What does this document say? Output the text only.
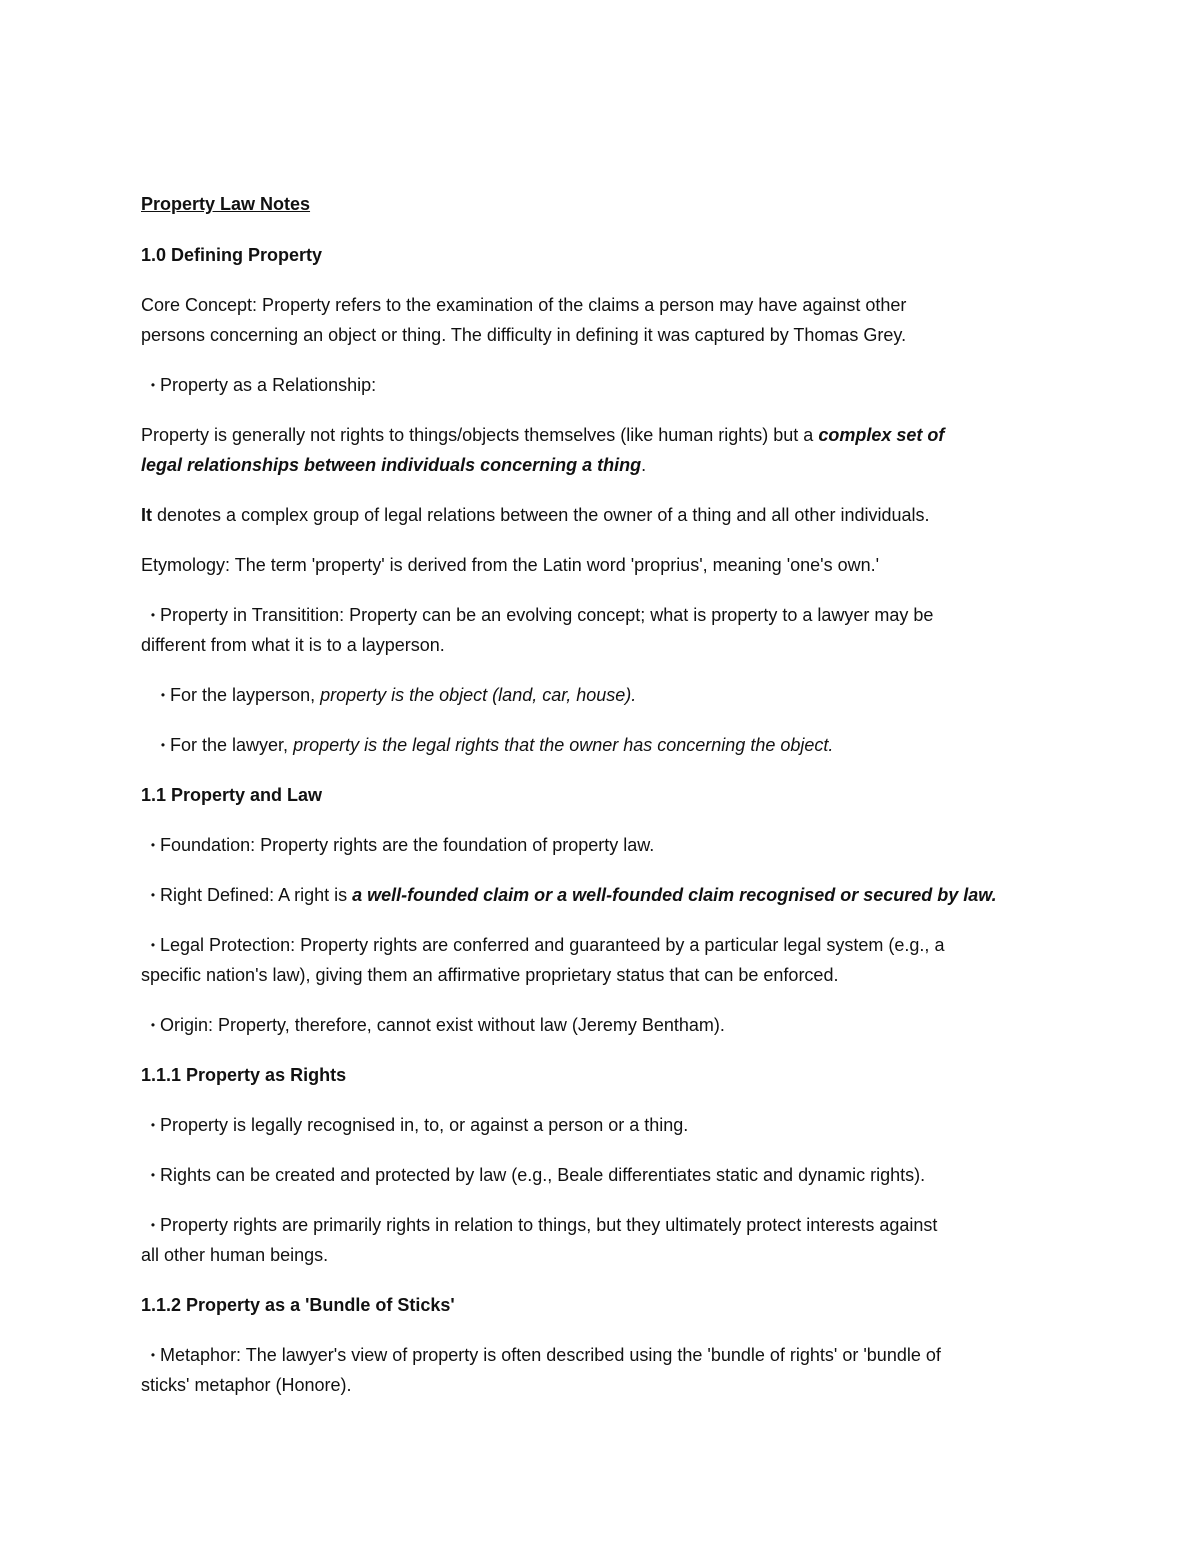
Property Law Notes

1.0 Defining Property

Core Concept: Property refers to the examination of the claims a person may have against other

persons concerning an object or thing. The difficulty in defining it was captured by Thomas Grey.

• Property as a Relationship:

Property is generally not rights to things/objects themselves (like human rights) but a complex set of

legal relationships between individuals concerning a thing.

It denotes a complex group of legal relations between the owner of a thing and all other individuals.

Etymology: The term 'property' is derived from the Latin word 'proprius', meaning 'one's own.'

• Property in Transitition: Property can be an evolving concept; what is property to a lawyer may be

different from what it is to a layperson.

• For the layperson, property is the object (land, car, house).

• For the lawyer, property is the legal rights that the owner has concerning the object.

1.1 Property and Law

• Foundation: Property rights are the foundation of property law.

• Right Defined: A right is a well-founded claim or a well-founded claim recognised or secured by law.

• Legal Protection: Property rights are conferred and guaranteed by a particular legal system (e.g., a

specific nation's law), giving them an affirmative proprietary status that can be enforced.

• Origin: Property, therefore, cannot exist without law (Jeremy Bentham).

1.1.1 Property as Rights

• Property is legally recognised in, to, or against a person or a thing.

• Rights can be created and protected by law (e.g., Beale differentiates static and dynamic rights).

• Property rights are primarily rights in relation to things, but they ultimately protect interests against

all other human beings.

1.1.2 Property as a 'Bundle of Sticks'

• Metaphor: The lawyer's view of property is often described using the 'bundle of rights' or 'bundle of

sticks' metaphor (Honore).
